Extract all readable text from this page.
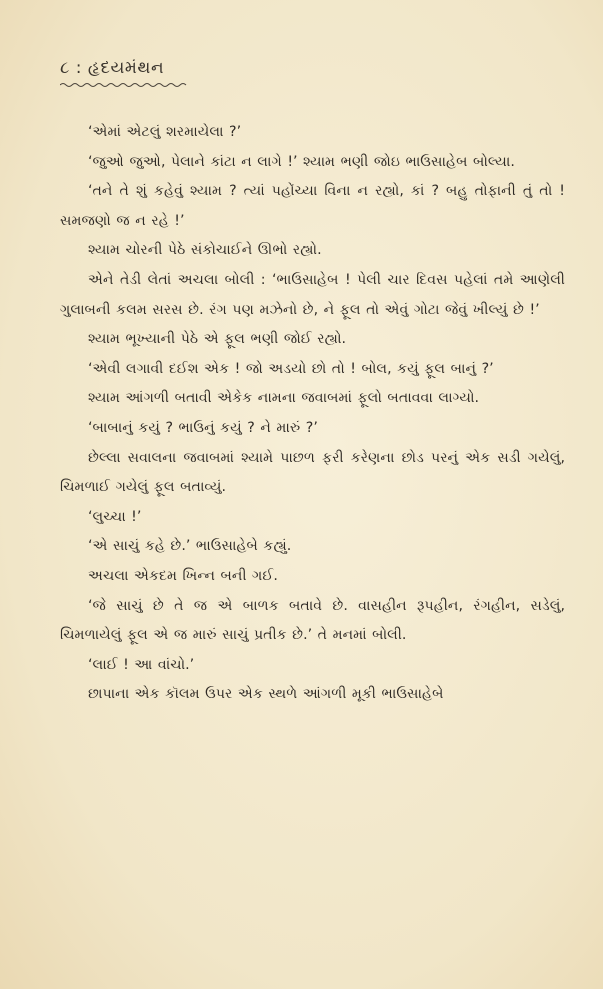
૮ : હૃદયમંથન

‘એમાં એટલું શરમાયેલા ?’

‘જુઓ જુઓ, પેલાને કાંટા ન લાગે !’ શ્યામ ભણી જોઇ ભાઉસાહેબ બોલ્યા.

‘તને તે શું કહેવું શ્યામ ? ત્યાં પહોંચ્યા વિના ન રહ્યો, કાં ? બહુ તોફાની તું તો ! સમજણો જ ન રહે !’

શ્યામ ચોરની પેઠે સંકોચાઈને ઊભો રહ્યો.

એને તેડી લેતાં અચલા બોલી : ‘ભાઉસાહેબ ! પેલી ચાર દિવસ પહેલાં તમે આણેલી ગુલાબની કલમ સરસ છે. રંગ પણ મઝેનો છે, ને ફૂલ તો એવું ગોટા જેવું ખીલ્યું છે !’

શ્યામ ભૂખ્યાની પેઠે એ ફૂલ ભણી જોઈ રહ્યો.

‘એવી લગાવી દઈશ એક ! જો અડયો છો તો ! બોલ, કયું ફૂલ બાનું ?’

શ્યામ આંગળી બતાવી એકેક નામના જવાબમાં ફૂલો બતાવવા લાગ્યો.

‘બાબાનું કયું ? ભાઉનું કયું ? ને મારું ?’

છેલ્લા સવાલના જવાબમાં શ્યામે પાછળ ફરી કરેણના છોડ પરનું એક સડી ગયેલું, ચિમળાઈ ગયેલું ફૂલ બતાવ્યું.

‘લુચ્ચા !’

‘એ સાચું કહે છે.’ ભાઉસાહેબે કહ્યું.

અચલા એકદમ ખિન્ન બની ગઈ.

‘જે સાચું છે તે જ એ બાળક બતાવે છે. વાસહીન રૂપહીન, રંગહીન, સડેલું, ચિમળાયેલું ફૂલ એ જ મારું સાચું પ્રતીક છે.’ તે મનમાં બોલી.

‘લાઈ ! આ વાંચો.’

છાપાના એક કૉલમ ઉપર એક સ્થળે આંગળી મૂકી ભાઉસાહેબે
